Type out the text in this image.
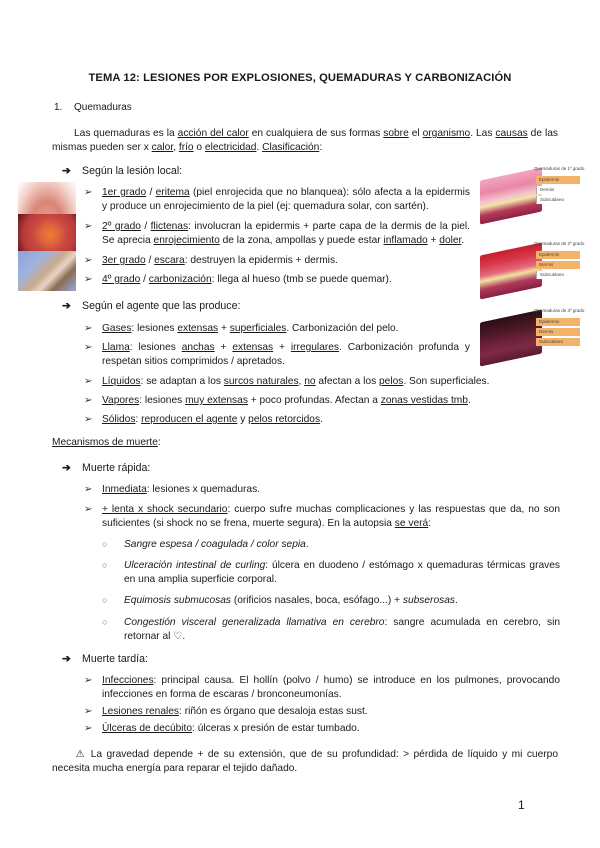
TEMA 12: LESIONES POR EXPLOSIONES, QUEMADURAS Y CARBONIZACIÓN
1. Quemaduras
Las quemaduras es la acción del calor en cualquiera de sus formas sobre el organismo. Las causas de las mismas pueden ser x calor, frío o electricidad. Clasificación:
Quemaduras de 1º grado
Epidermis
Dermis
Subcutáneo
Quemaduras de 2º grado
Epidermis
Dermis
Subcutáneo
Quemaduras de 3º grado
Epidermis
Dermis
Subcutáneo
➔ Según la lesión local:
➢ 1er grado / eritema (piel enrojecida que no blanquea): sólo afecta a la epidermis y produce un enrojecimiento de la piel (ej: quemadura solar, con sartén).
➢ 2º grado / flictenas: involucran la epidermis + parte capa de la dermis de la piel. Se aprecia enrojecimiento de la zona, ampollas y puede estar inflamado + doler.
➢ 3er grado / escara: destruyen la epidermis + dermis.
➢ 4º grado / carbonización: llega al hueso (tmb se puede quemar).
➔ Según el agente que las produce:
➢ Gases: lesiones extensas + superficiales. Carbonización del pelo.
➢ Llama: lesiones anchas + extensas + irregulares. Carbonización profunda y respetan sitios comprimidos / apretados.
➢ Líquidos: se adaptan a los surcos naturales, no afectan a los pelos. Son superficiales.
➢ Vapores: lesiones muy extensas + poco profundas. Afectan a zonas vestidas tmb.
➢ Sólidos: reproducen el agente y pelos retorcidos.
Mecanismos de muerte:
➔ Muerte rápida:
➢ Inmediata: lesiones x quemaduras.
➢ + lenta x shock secundario: cuerpo sufre muchas complicaciones y las respuestas que da, no son suficientes (si shock no se frena, muerte segura). En la autopsia se verá:
○ Sangre espesa / coagulada / color sepia.
○ Ulceración intestinal de curling: úlcera en duodeno / estómago x quemaduras térmicas graves en una amplia superficie corporal.
○ Equimosis submucosas (orificios nasales, boca, esófago...) + subserosas.
○ Congestión visceral generalizada llamativa en cerebro: sangre acumulada en cerebro, sin retornar al ♡.
➔ Muerte tardía:
➢ Infecciones: principal causa. El hollín (polvo / humo) se introduce en los pulmones, provocando infecciones en forma de escaras / bronconeumonías.
➢ Lesiones renales: riñón es órgano que desaloja estas sust.
➢ Úlceras de decúbito: úlceras x presión de estar tumbado.
⚠ La gravedad depende + de su extensión, que de su profundidad: > pérdida de líquido y mi cuerpo necesita mucha energía para reparar el tejido dañado.
1
